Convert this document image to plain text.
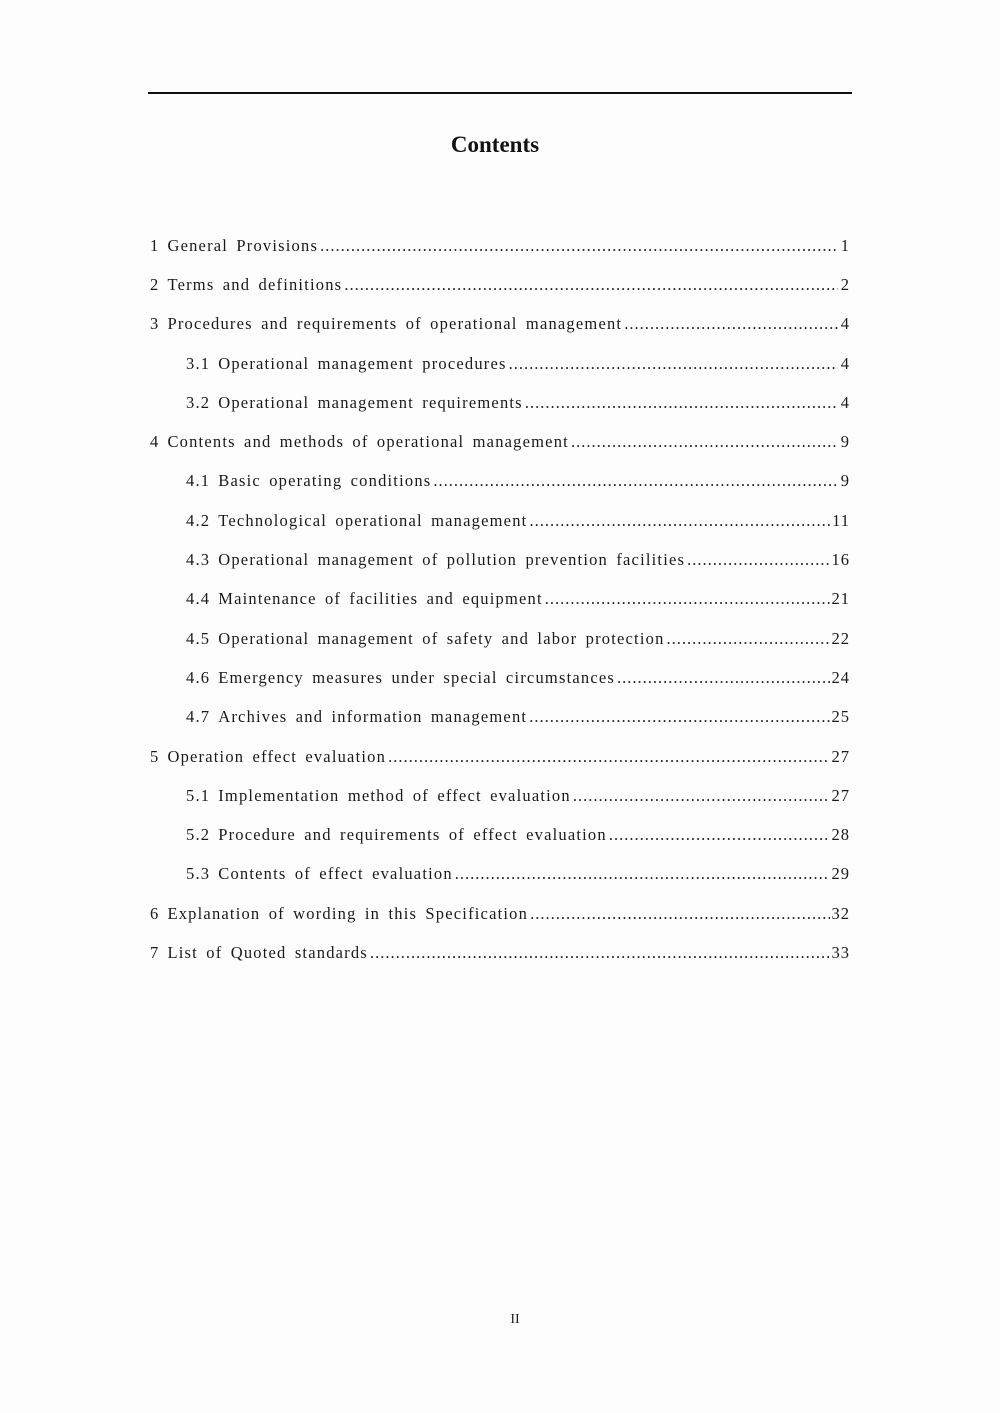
Contents
1 General Provisions .....	1
2 Terms and definitions .....	2
3 Procedures and requirements of operational management .....	4
3.1 Operational management procedures .....	4
3.2 Operational management requirements .....	4
4 Contents and methods of operational management .....	9
4.1 Basic operating conditions .....	9
4.2 Technological operational management .....	11
4.3 Operational management of pollution prevention facilities .....	16
4.4 Maintenance of facilities and equipment .....	21
4.5 Operational management of safety and labor protection .....	22
4.6 Emergency measures under special circumstances .....	24
4.7 Archives and information management .....	25
5 Operation effect evaluation .....	27
5.1 Implementation method of effect evaluation .....	27
5.2 Procedure and requirements of effect evaluation .....	28
5.3 Contents of effect evaluation .....	29
6 Explanation of wording in this Specification .....	32
7 List of Quoted standards .....	33
II
